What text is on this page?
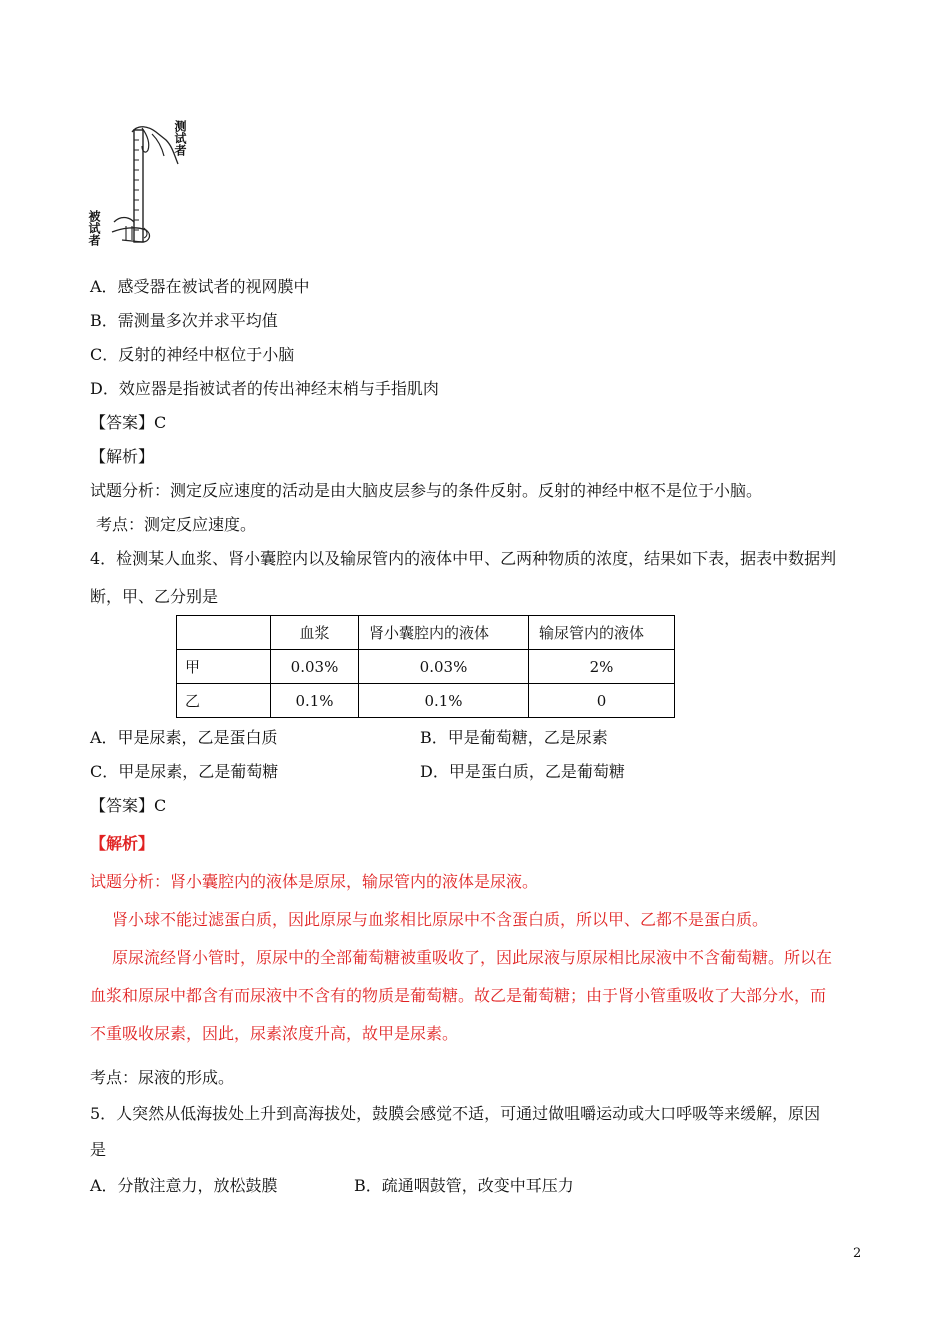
测试者
被试者
A．感受器在被试者的视网膜中
B．需测量多次并求平均值
C．反射的神经中枢位于小脑
D．效应器是指被试者的传出神经末梢与手指肌肉
【答案】C
【解析】
试题分析：测定反应速度的活动是由大脑皮层参与的条件反射。反射的神经中枢不是位于小脑。
考点：测定反应速度。
4．检测某人血浆、肾小囊腔内以及输尿管内的液体中甲、乙两种物质的浓度，结果如下表，据表中数据判
断，甲、乙分别是
	血浆	肾小囊腔内的液体	输尿管内的液体
甲	0.03%	0.03%	2%
乙	0.1%	0.1%	0
A．甲是尿素，乙是蛋白质	B．甲是葡萄糖，乙是尿素
C．甲是尿素，乙是葡萄糖	D．甲是蛋白质，乙是葡萄糖
【答案】C
【解析】
试题分析：肾小囊腔内的液体是原尿，输尿管内的液体是尿液。
肾小球不能过滤蛋白质，因此原尿与血浆相比原尿中不含蛋白质，所以甲、乙都不是蛋白质。
原尿流经肾小管时，原尿中的全部葡萄糖被重吸收了，因此尿液与原尿相比尿液中不含葡萄糖。所以在
血浆和原尿中都含有而尿液中不含有的物质是葡萄糖。故乙是葡萄糖；由于肾小管重吸收了大部分水，而
不重吸收尿素，因此，尿素浓度升高，故甲是尿素。
考点：尿液的形成。
5．人突然从低海拔处上升到高海拔处，鼓膜会感觉不适，可通过做咀嚼运动或大口呼吸等来缓解，原因
是
A．分散注意力，放松鼓膜	B．疏通咽鼓管，改变中耳压力
2
